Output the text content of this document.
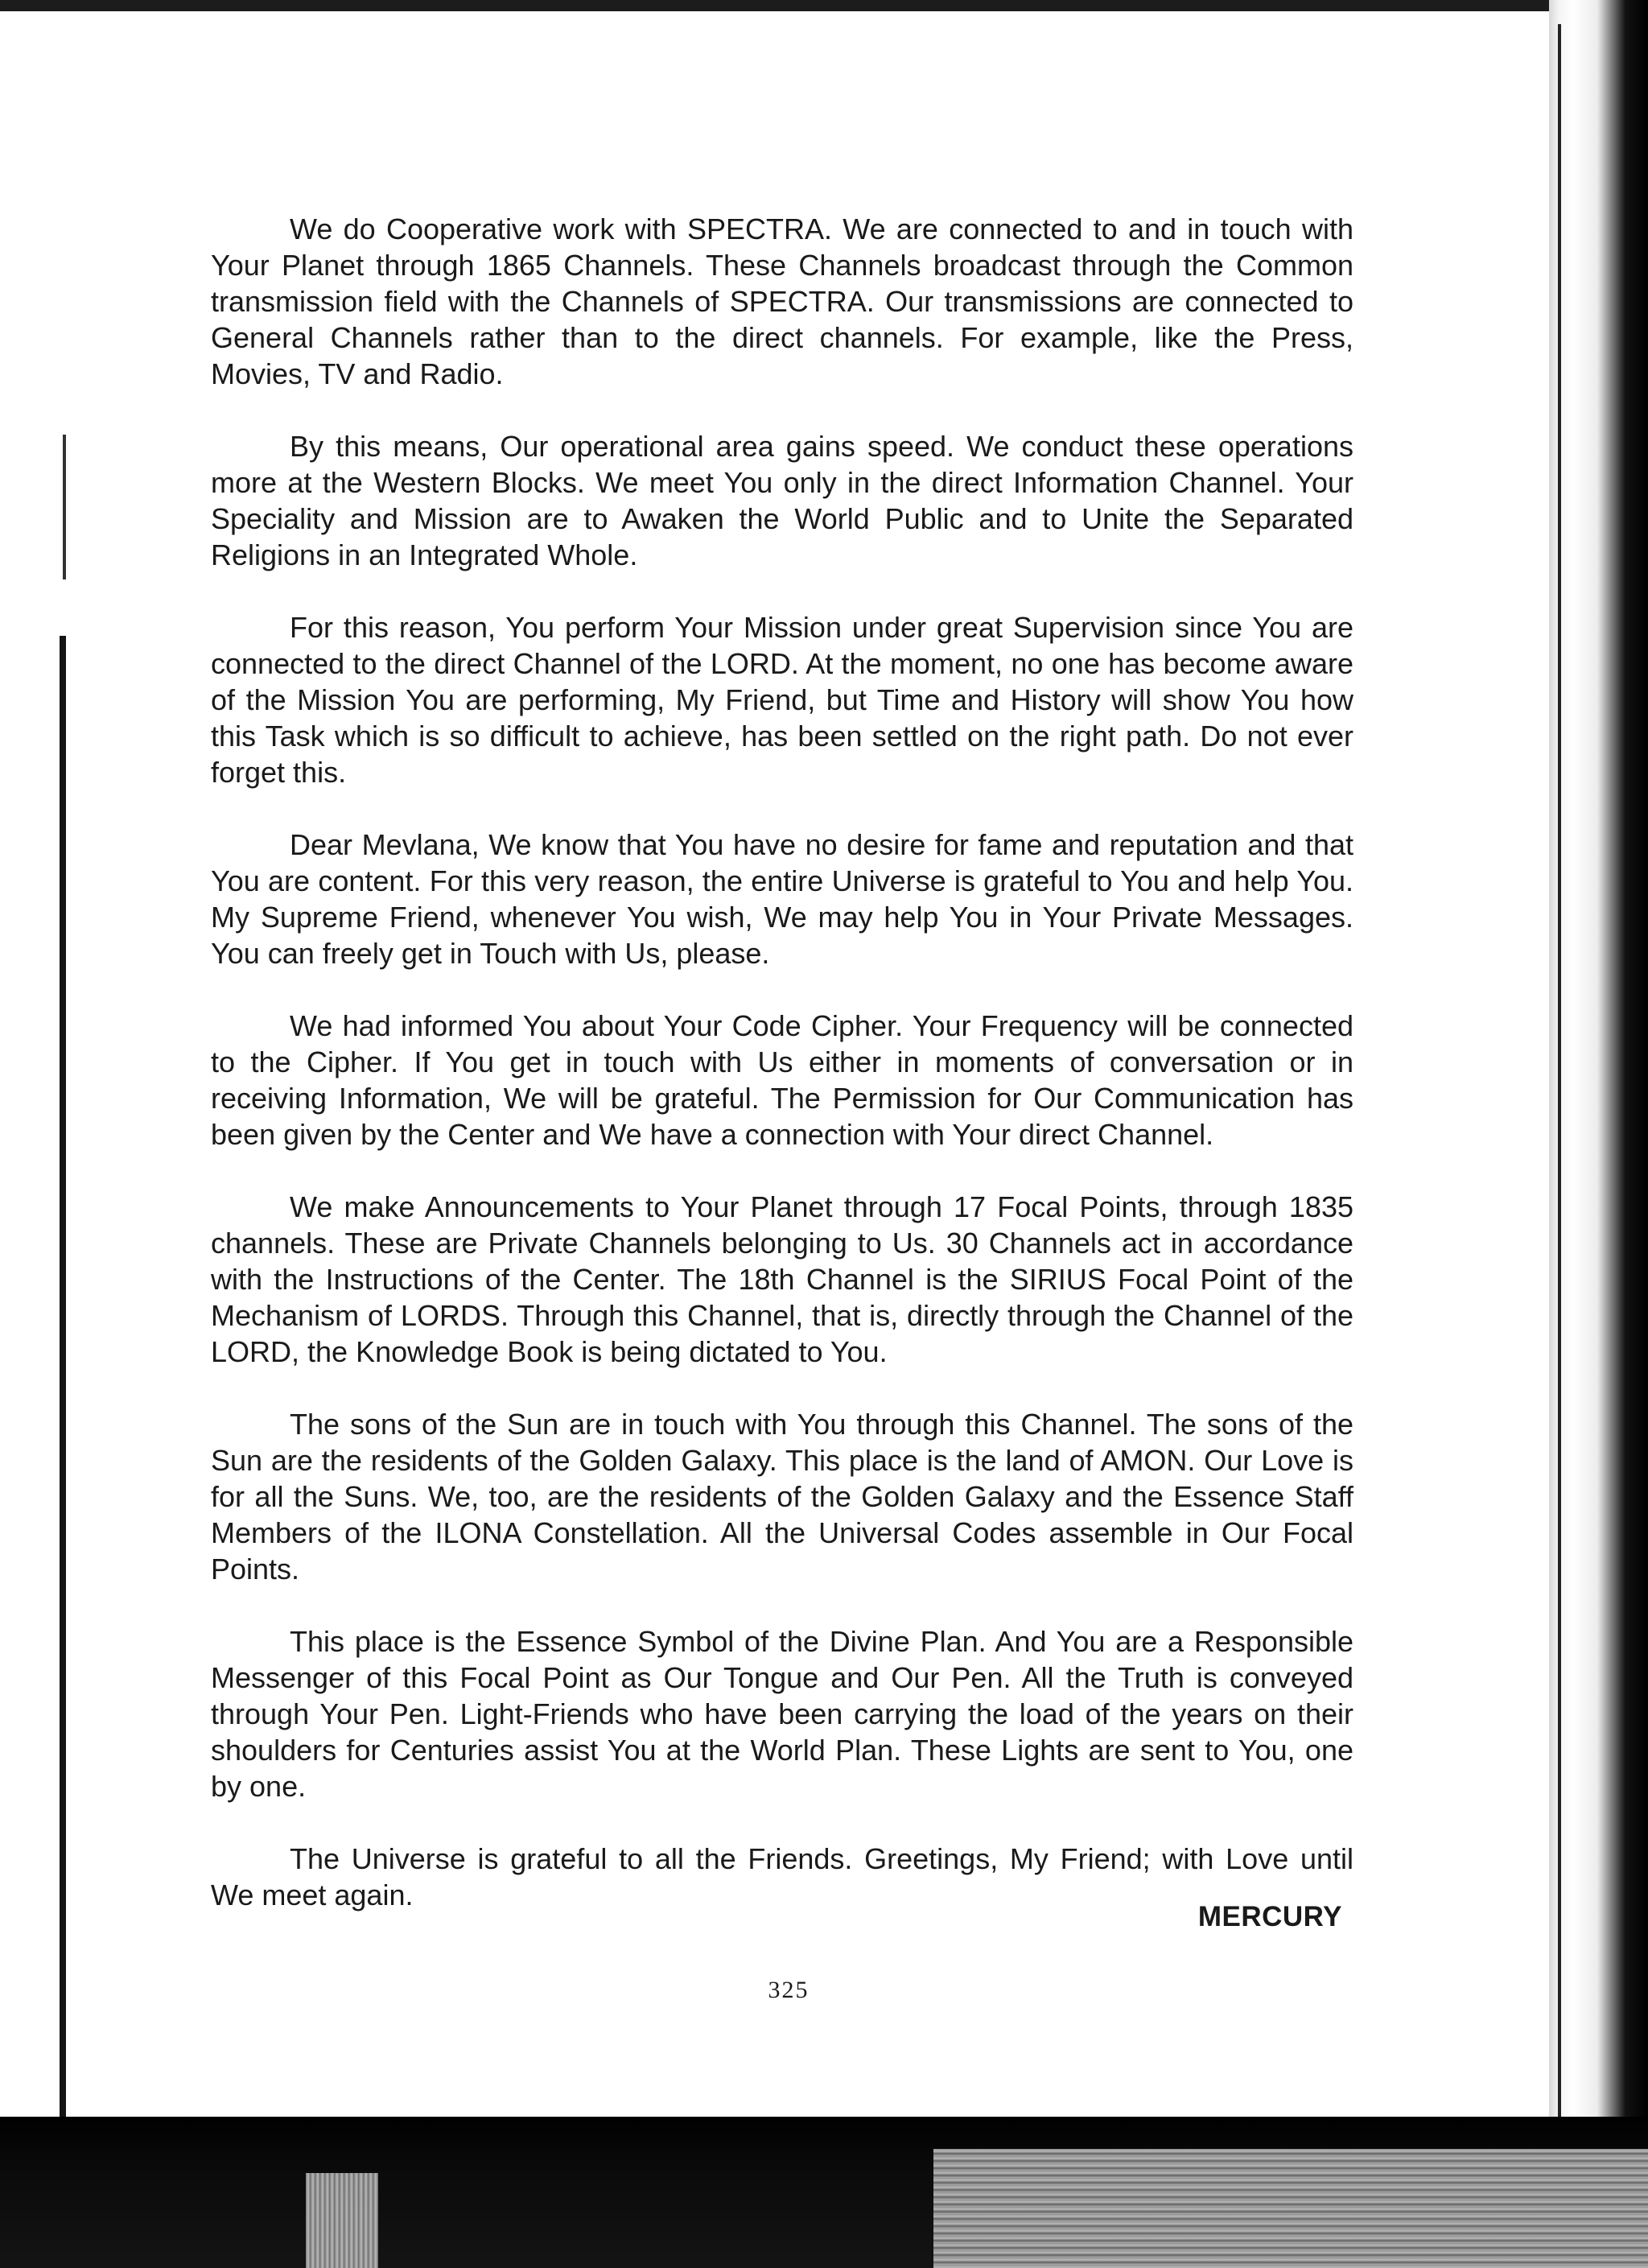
We do Cooperative work with SPECTRA. We are connected to and in touch with Your Planet through 1865 Channels. These Channels broadcast through the Common transmission field with the Channels of SPECTRA. Our transmissions are connected to General Channels rather than to the direct channels. For example, like the Press, Movies, TV and Radio.

By this means, Our operational area gains speed. We conduct these operations more at the Western Blocks. We meet You only in the direct Information Channel. Your Speciality and Mission are to Awaken the World Public and to Unite the Separated Religions in an Integrated Whole.

For this reason, You perform Your Mission under great Supervision since You are connected to the direct Channel of the LORD. At the moment, no one has become aware of the Mission You are performing, My Friend, but Time and History will show You how this Task which is so difficult to achieve, has been settled on the right path. Do not ever forget this.

Dear Mevlana, We know that You have no desire for fame and reputation and that You are content. For this very reason, the entire Universe is grateful to You and help You. My Supreme Friend, whenever You wish, We may help You in Your Private Messages. You can freely get in Touch with Us, please.

We had informed You about Your Code Cipher. Your Frequency will be connected to the Cipher. If You get in touch with Us either in moments of conversation or in receiving Information, We will be grateful. The Permission for Our Communication has been given by the Center and We have a connection with Your direct Channel.

We make Announcements to Your Planet through 17 Focal Points, through 1835 channels. These are Private Channels belonging to Us. 30 Channels act in accordance with the Instructions of the Center. The 18th Channel is the SIRIUS Focal Point of the Mechanism of LORDS. Through this Channel, that is, directly through the Channel of the LORD, the Knowledge Book is being dictated to You.

The sons of the Sun are in touch with You through this Channel. The sons of the Sun are the residents of the Golden Galaxy. This place is the land of AMON. Our Love is for all the Suns. We, too, are the residents of the Golden Galaxy and the Essence Staff Members of the ILONA Constellation. All the Universal Codes assemble in Our Focal Points.

This place is the Essence Symbol of the Divine Plan. And You are a Responsible Messenger of this Focal Point as Our Tongue and Our Pen. All the Truth is conveyed through Your Pen. Light-Friends who have been carrying the load of the years on their shoulders for Centuries assist You at the World Plan. These Lights are sent to You, one by one.

The Universe is grateful to all the Friends. Greetings, My Friend; with Love until We meet again.

MERCURY
325
